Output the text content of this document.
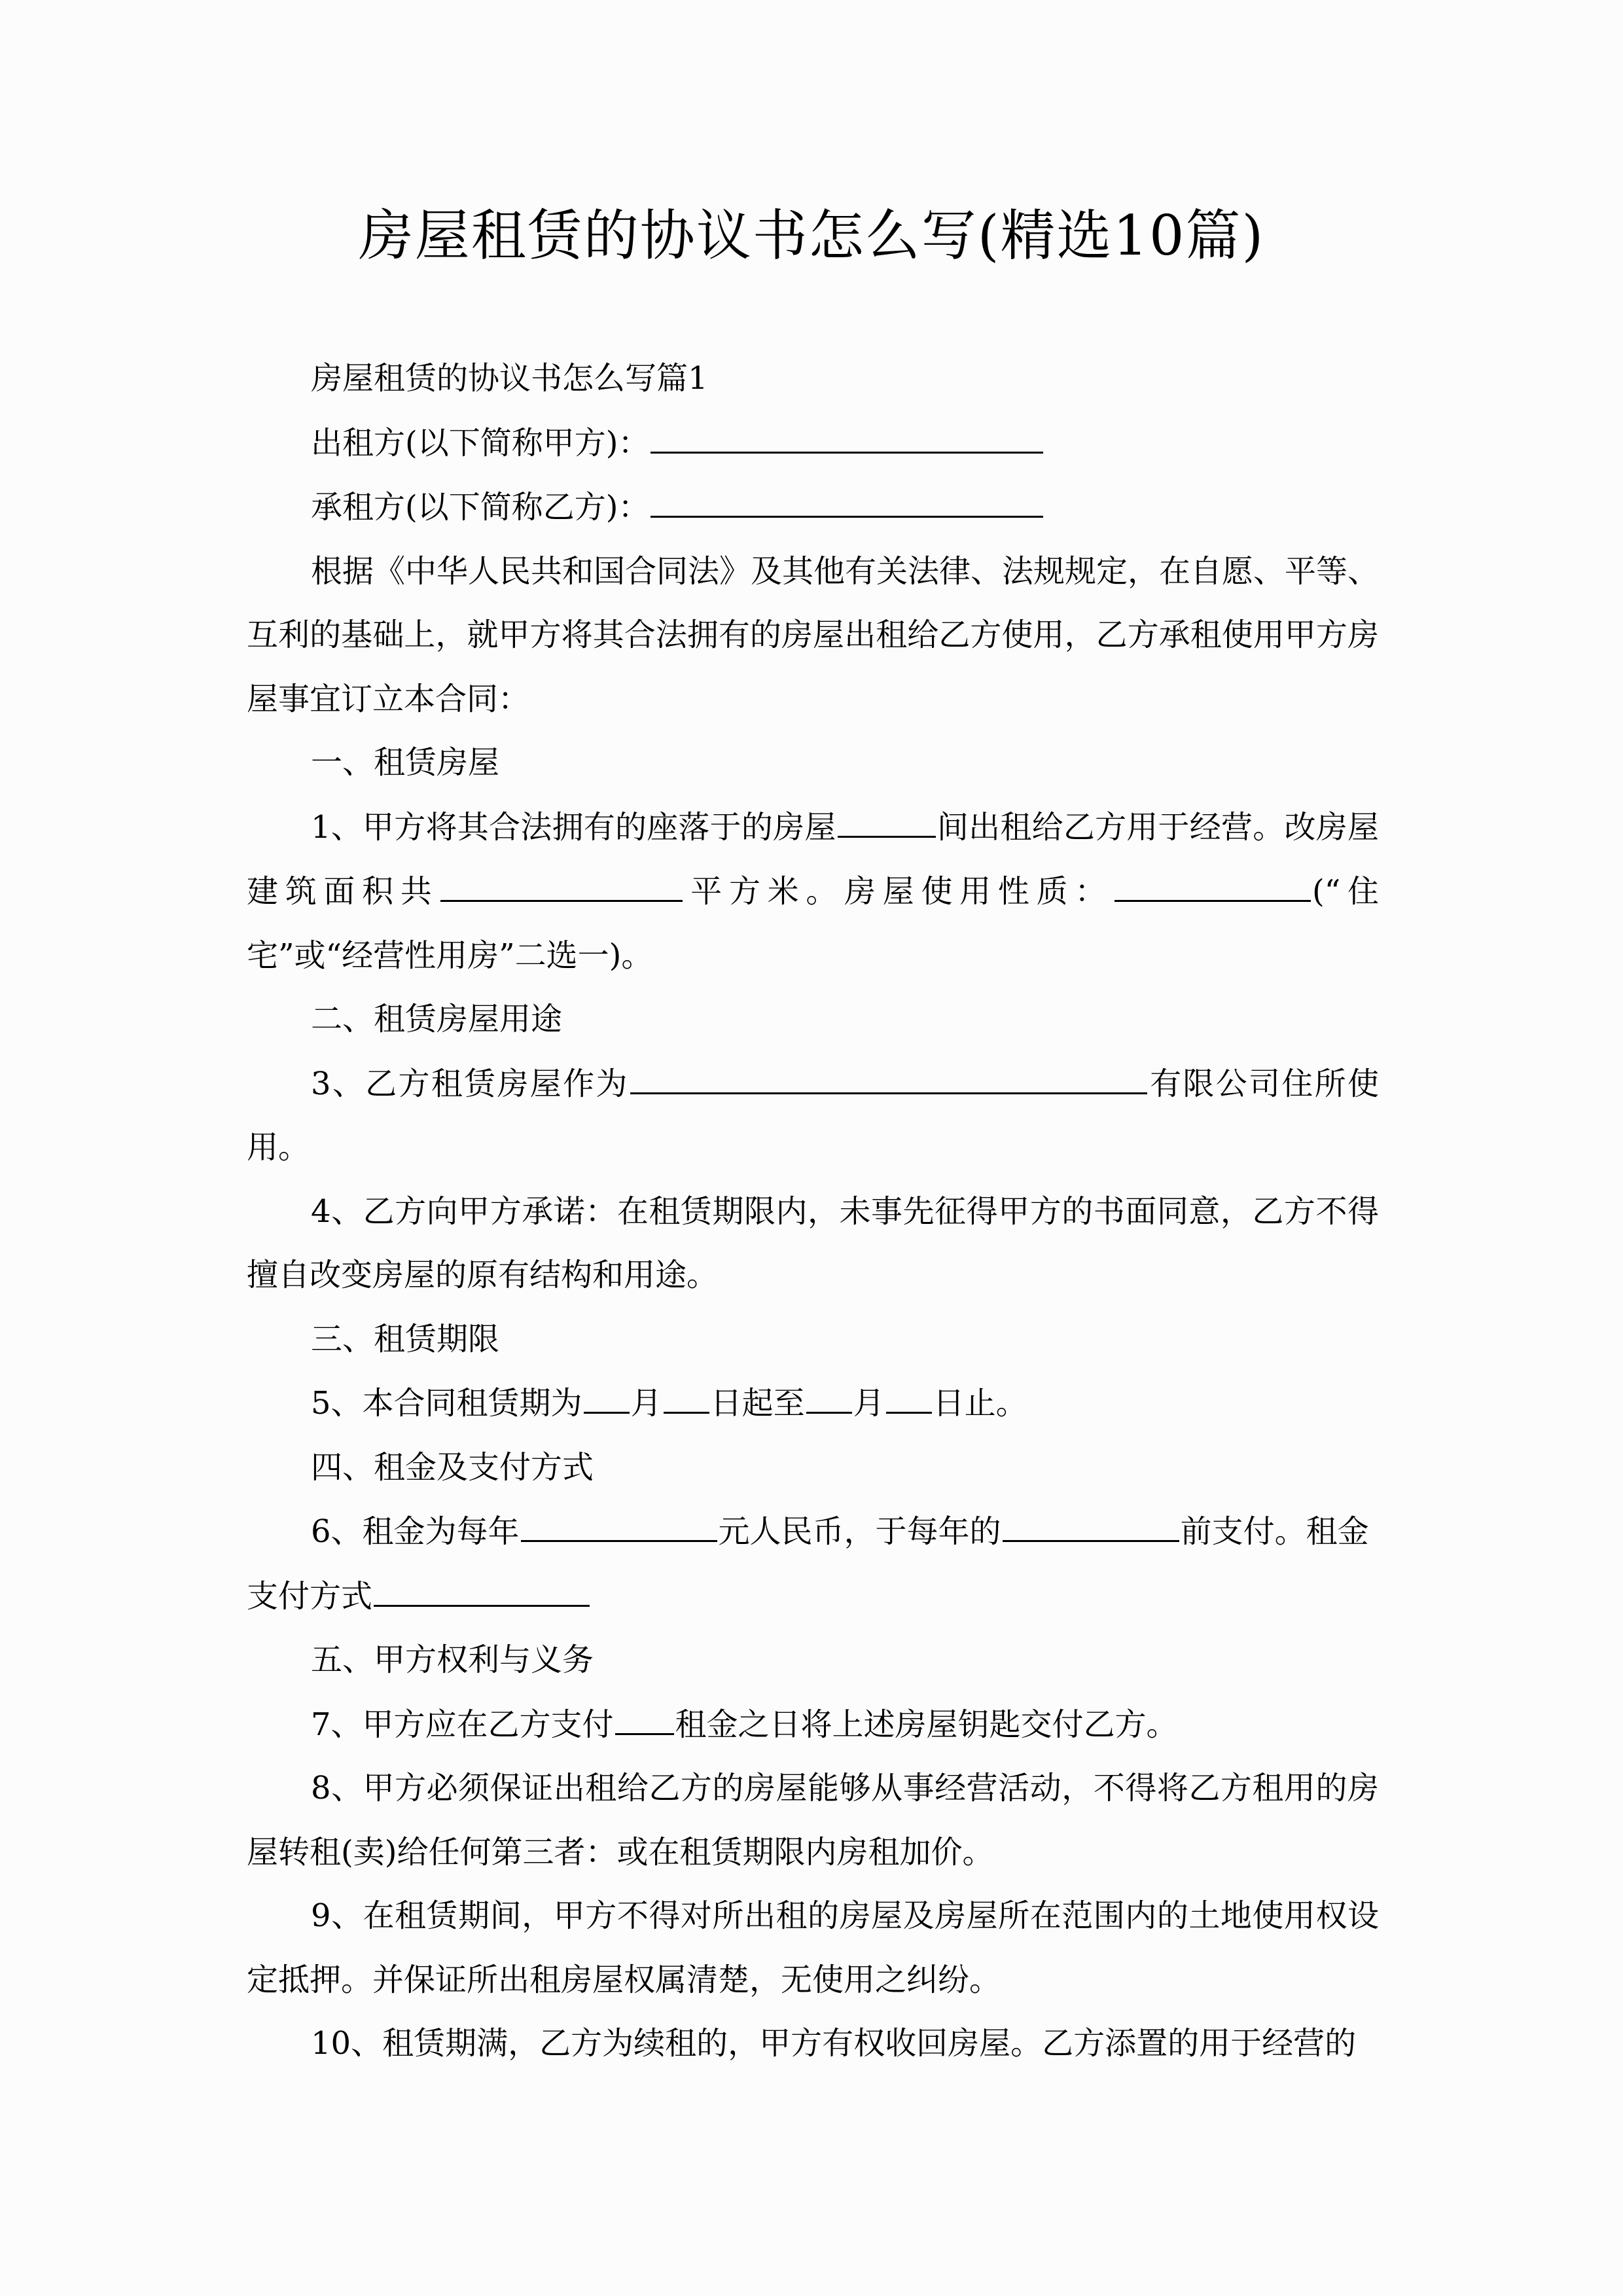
房屋租赁的协议书怎么写(精选10篇)

房屋租赁的协议书怎么写篇1

出租方(以下简称甲方)：

承租方(以下简称乙方)：

根据《中华人民共和国合同法》及其他有关法律、法规规定，在自愿、平等、互利的基础上，就甲方将其合法拥有的房屋出租给乙方使用，乙方承租使用甲方房屋事宜订立本合同：

一、租赁房屋

1、甲方将其合法拥有的座落于的房屋	间出租给乙方用于经营。改房屋建筑面积共	平方米。房屋使用性质：	(“住宅”或“经营性用房”二选一)。

二、租赁房屋用途

3、乙方租赁房屋作为	有限公司住所使用。

4、乙方向甲方承诺：在租赁期限内，未事先征得甲方的书面同意，乙方不得擅自改变房屋的原有结构和用途。

三、租赁期限

5、本合同租赁期为 月 日起至 月 日止。

四、租金及支付方式

6、租金为每年	元人民币，于每年的	前支付。租金支付方式

五、甲方权利与义务

7、甲方应在乙方支付 租金之日将上述房屋钥匙交付乙方。

8、甲方必须保证出租给乙方的房屋能够从事经营活动，不得将乙方租用的房屋转租(卖)给任何第三者：或在租赁期限内房租加价。

9、在租赁期间，甲方不得对所出租的房屋及房屋所在范围内的土地使用权设定抵押。并保证所出租房屋权属清楚，无使用之纠纷。

10、租赁期满，乙方为续租的，甲方有权收回房屋。乙方添置的用于经营的
